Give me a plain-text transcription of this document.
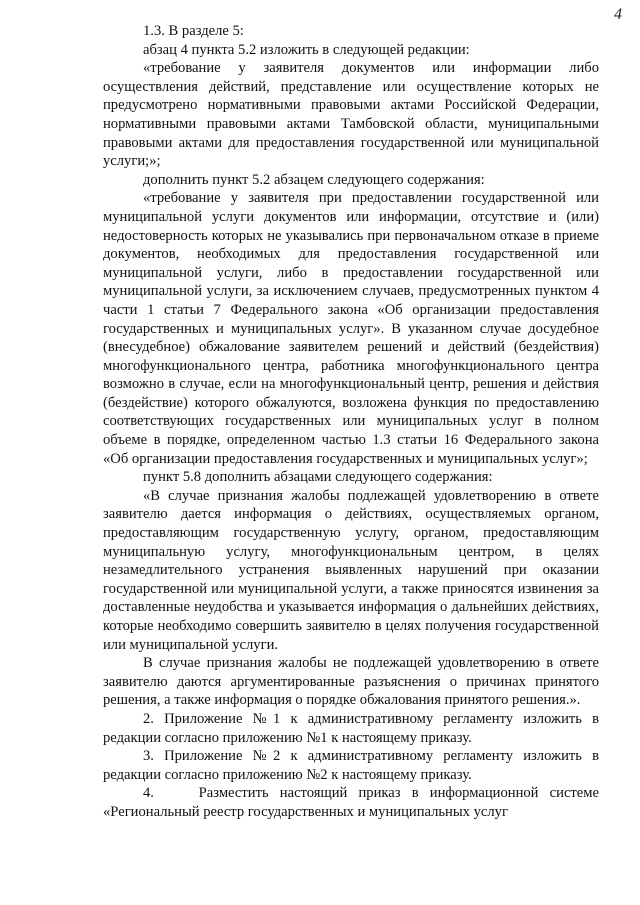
4

1.3. В разделе 5:

абзац 4 пункта 5.2 изложить в следующей редакции:

«требование у заявителя документов или информации либо осуществления действий, представление или осуществление которых не предусмотрено нормативными правовыми актами Российской Федерации, нормативными правовыми актами Тамбовской области, муниципальными правовыми актами для предоставления государственной или муниципальной услуги;»;

дополнить пункт 5.2 абзацем следующего содержания:

«требование у заявителя при предоставлении государственной или муниципальной услуги документов или информации, отсутствие и (или) недостоверность которых не указывались при первоначальном отказе в приеме документов, необходимых для предоставления государственной или муниципальной услуги, либо в предоставлении государственной или муниципальной услуги, за исключением случаев, предусмотренных пунктом 4 части 1 статьи 7 Федерального закона «Об организации предоставления государственных и муниципальных услуг». В указанном случае досудебное (внесудебное) обжалование заявителем решений и действий (бездействия) многофункционального центра, работника многофункционального центра возможно в случае, если на многофункциональный центр, решения и действия (бездействие) которого обжалуются, возложена функция по предоставлению соответствующих государственных или муниципальных услуг в полном объеме в порядке, определенном частью 1.3 статьи 16 Федерального закона «Об организации предоставления государственных и муниципальных услуг»;

пункт 5.8 дополнить абзацами следующего содержания:

«В случае признания жалобы подлежащей удовлетворению в ответе заявителю дается информация о действиях, осуществляемых органом, предоставляющим государственную услугу, органом, предоставляющим муниципальную услугу, многофункциональным центром, в целях незамедлительного устранения выявленных нарушений при оказании государственной или муниципальной услуги, а также приносятся извинения за доставленные неудобства и указывается информация о дальнейших действиях, которые необходимо совершить заявителю в целях получения государственной или муниципальной услуги.

В случае признания жалобы не подлежащей удовлетворению в ответе заявителю даются аргументированные разъяснения о причинах принятого решения, а также информация о порядке обжалования принятого решения.».

2. Приложение №1 к административному регламенту изложить в редакции согласно приложению №1 к настоящему приказу.

3. Приложение №2 к административному регламенту изложить в редакции согласно приложению №2 к настоящему приказу.

4.    Разместить настоящий приказ в информационной системе «Региональный реестр государственных и муниципальных услуг
